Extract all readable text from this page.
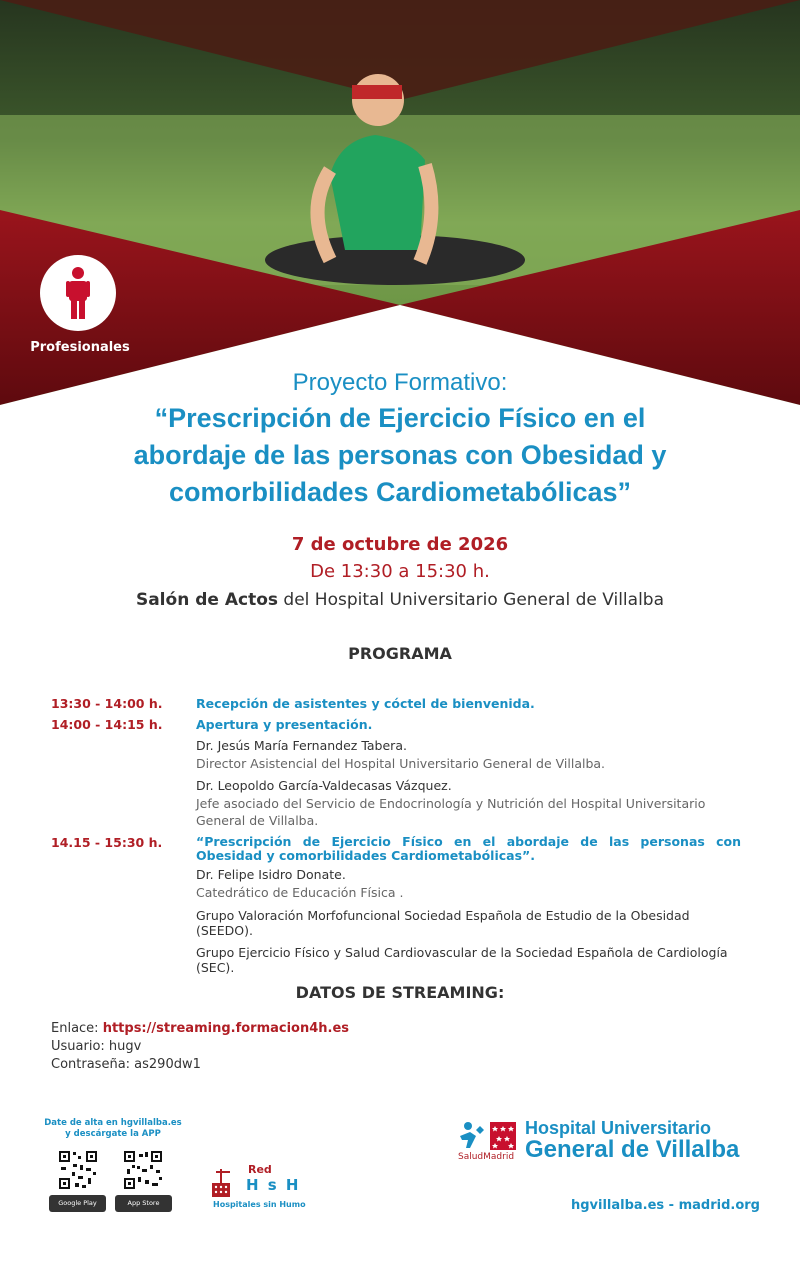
Profesionales
Proyecto Formativo:
“Prescripción de Ejercicio Físico en el
abordaje de las personas con Obesidad y
comorbilidades Cardiometabólicas”
7 de octubre de 2026
De 13:30 a 15:30 h.
Salón de Actos del Hospital Universitario General de Villalba
PROGRAMA
13:30 - 14:00 h.	Recepción de asistentes y cóctel de bienvenida.
14:00 - 14:15 h.	Apertura y presentación.
Dr. Jesús María Fernandez Tabera.
Director Asistencial del Hospital Universitario General de Villalba.
Dr. Leopoldo García-Valdecasas Vázquez.
Jefe asociado del Servicio de Endocrinología y Nutrición del Hospital Universitario General de Villalba.
14.15 - 15:30 h.	“Prescripción de Ejercicio Físico en el abordaje de las personas con Obesidad y comorbilidades Cardiometabólicas”.
Dr. Felipe Isidro Donate.
Catedrático de Educación Física .
Grupo Valoración Morfofuncional Sociedad Española de Estudio de la Obesidad (SEEDO).
Grupo Ejercicio Físico y Salud Cardiovascular de la Sociedad Española de Cardiología (SEC).
DATOS DE STREAMING:
Enlace: https://streaming.formacion4h.es
Usuario: hugv
Contraseña: as290dw1
Date de alta en hgvillalba.es
y descárgate la APP
Google Play	App Store
Red
H s H
Hospitales sin Humo
SaludMadrid
Hospital Universitario
General de Villalba
hgvillalba.es - madrid.org
